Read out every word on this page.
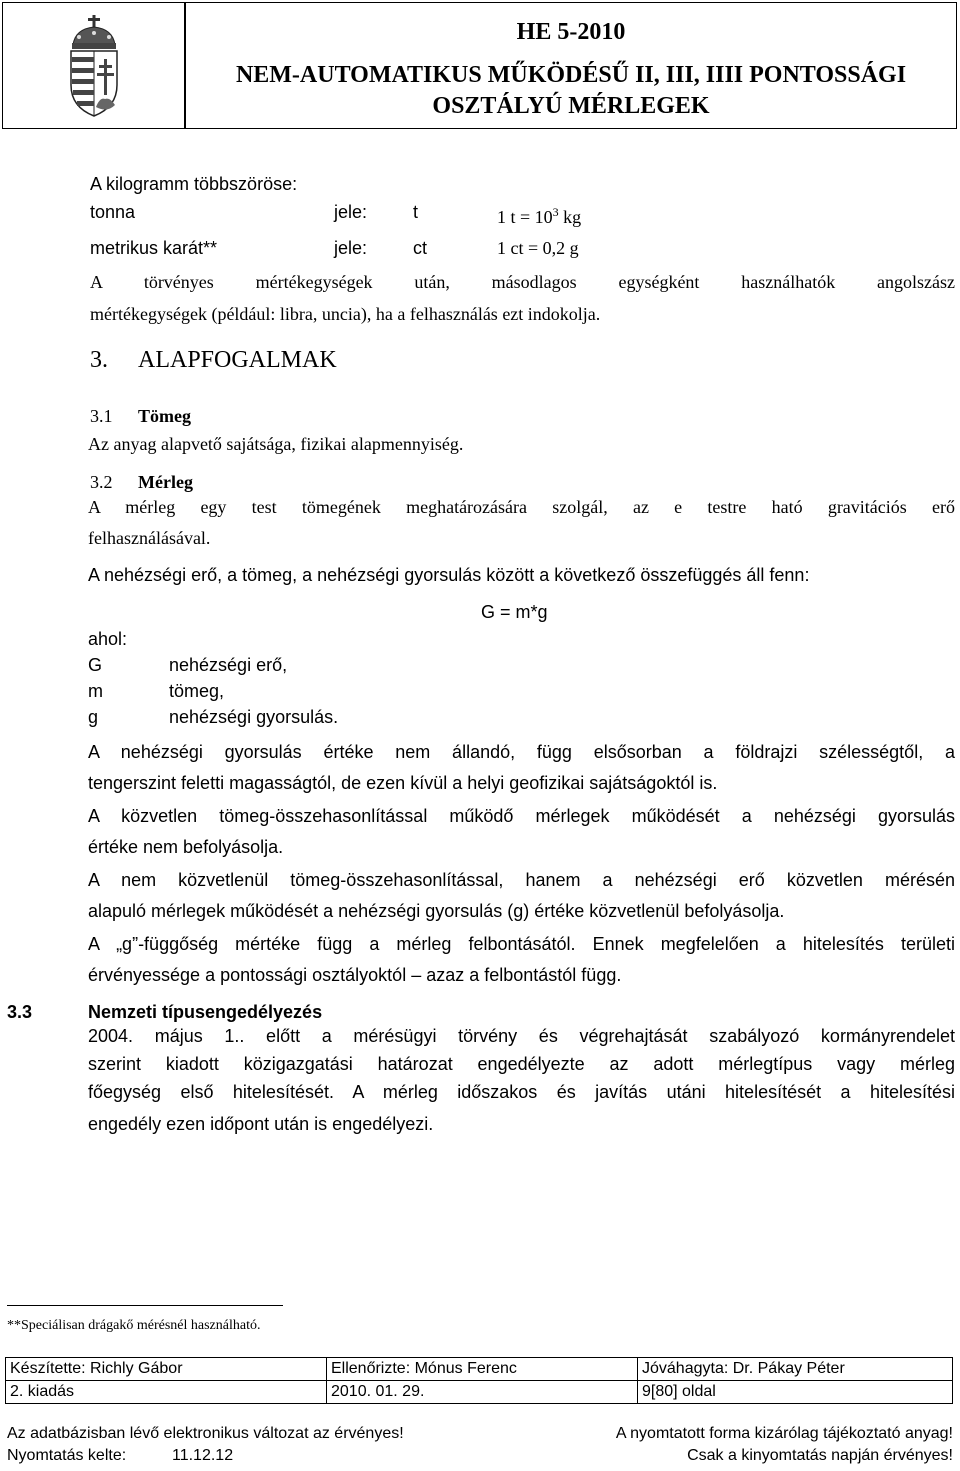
HE 5-2010
NEM-AUTOMATIKUS MŰKÖDÉSŰ II, III, IIII PONTOSSÁGI
OSZTÁLYÚ MÉRLEGEK
A kilogramm többszöröse:
tonna	jele:	t	1 $t = 10^3$ kg
metrikus karát**	jele:	ct	1 ct = 0,2 g
A törvényes mértékegységek után, másodlagos egységként használhatók angolszász
mértékegységek (például: libra, uncia), ha a felhasználás ezt indokolja.
3. ALAPFOGALMAK
3.1 Tömeg
Az anyag alapvető sajátsága, fizikai alapmennyiség.
3.2 Mérleg
A mérleg egy test tömegének meghatározására szolgál, az e testre ható gravitációs erő
felhasználásával.
A nehézségi erő, a tömeg, a nehézségi gyorsulás között a következő összefüggés áll fenn:
G = m*g
ahol:
G	nehézségi erő,
m	tömeg,
g	nehézségi gyorsulás.
A nehézségi gyorsulás értéke nem állandó, függ elsősorban a földrajzi szélességtől, a
tengerszint feletti magasságtól, de ezen kívül a helyi geofizikai sajátságoktól is.
A közvetlen tömeg-összehasonlítással működő mérlegek működését a nehézségi gyorsulás
értéke nem befolyásolja.
A nem közvetlenül tömeg-összehasonlítással, hanem a nehézségi erő közvetlen mérésén
alapuló mérlegek működését a nehézségi gyorsulás (g) értéke közvetlenül befolyásolja.
A „g”-függőség mértéke függ a mérleg felbontásától. Ennek megfelelően a hitelesítés területi
érvényessége a pontossági osztályoktól – azaz a felbontástól függ.
3.3	Nemzeti típusengedélyezés
2004. május 1.. előtt a mérésügyi törvény és végrehajtását szabályozó kormányrendelet
szerint kiadott közigazgatási határozat engedélyezte az adott mérlegtípus vagy mérleg
főegység első hitelesítését. A mérleg időszakos és javítás utáni hitelesítését a hitelesítési
engedély ezen időpont után is engedélyezi.
**Speciálisan drágakő mérésnél használható.
Készítette: Richly Gábor	Ellenőrizte: Mónus Ferenc	Jóváhagyta: Dr. Pákay Péter
2. kiadás	2010. 01. 29.	9[80] oldal
Az adatbázisban lévő elektronikus változat az érvényes!
Nyomtatás kelte:	11.12.12
A nyomtatott forma kizárólag tájékoztató anyag!
Csak a kinyomtatás napján érvényes!
